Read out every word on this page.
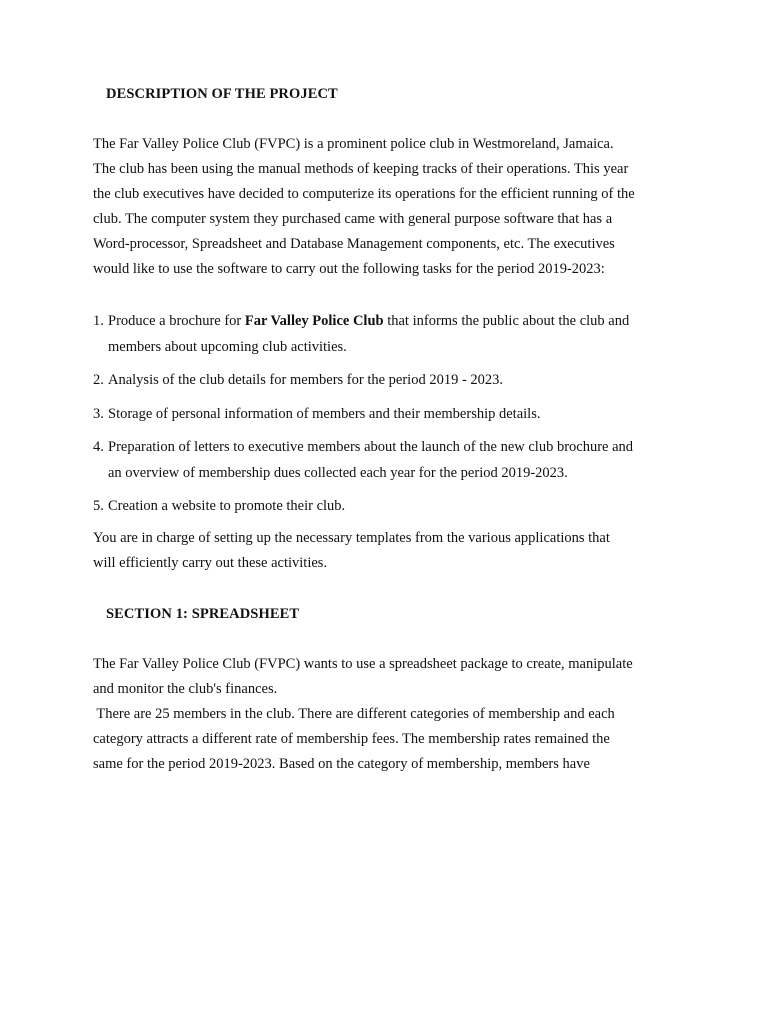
DESCRIPTION OF THE PROJECT
The Far Valley Police Club (FVPC) is a prominent police club in Westmoreland, Jamaica.
The club has been using the manual methods of keeping tracks of their operations. This year
the club executives have decided to computerize its operations for the efficient running of the
club. The computer system they purchased came with general purpose software that has a
Word-processor, Spreadsheet and Database Management components, etc. The executives
would like to use the software to carry out the following tasks for the period 2019-2023:
1. Produce a brochure for Far Valley Police Club that informs the public about the club and
members about upcoming club activities.
2. Analysis of the club details for members for the period 2019 - 2023.
3. Storage of personal information of members and their membership details.
4. Preparation of letters to executive members about the launch of the new club brochure and
an overview of membership dues collected each year for the period 2019-2023.
5. Creation a website to promote their club.
You are in charge of setting up the necessary templates from the various applications that
will efficiently carry out these activities.
SECTION 1: SPREADSHEET
The Far Valley Police Club (FVPC) wants to use a spreadsheet package to create, manipulate
and monitor the club's finances.
There are 25 members in the club. There are different categories of membership and each
category attracts a different rate of membership fees. The membership rates remained the
same for the period 2019-2023. Based on the category of membership, members have
